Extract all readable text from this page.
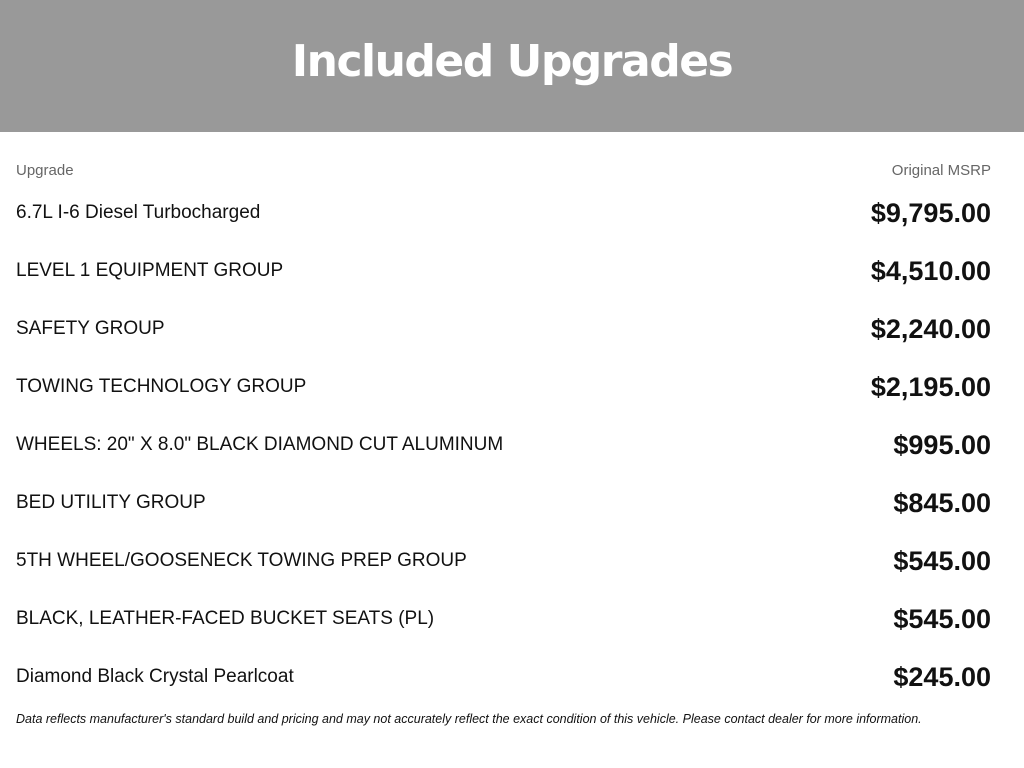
Included Upgrades
Upgrade	Original MSRP
6.7L I-6 Diesel Turbocharged	$9,795.00
LEVEL 1 EQUIPMENT GROUP	$4,510.00
SAFETY GROUP	$2,240.00
TOWING TECHNOLOGY GROUP	$2,195.00
WHEELS: 20" X 8.0" BLACK DIAMOND CUT ALUMINUM	$995.00
BED UTILITY GROUP	$845.00
5TH WHEEL/GOOSENECK TOWING PREP GROUP	$545.00
BLACK, LEATHER-FACED BUCKET SEATS (PL)	$545.00
Diamond Black Crystal Pearlcoat	$245.00
Data reflects manufacturer's standard build and pricing and may not accurately reflect the exact condition of this vehicle. Please contact dealer for more information.
